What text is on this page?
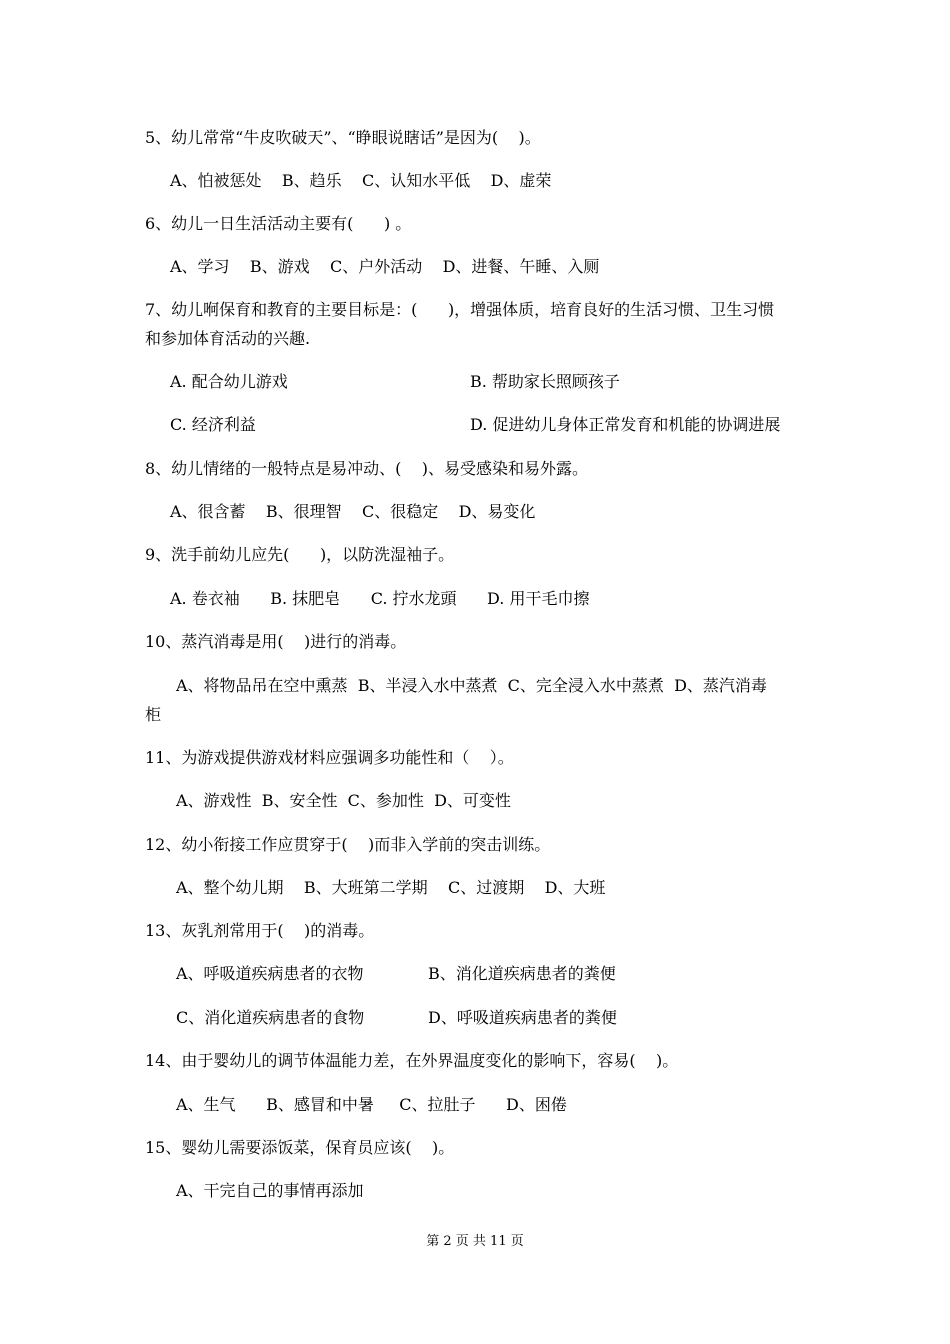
5、幼儿常常“牛皮吹破天”、“睁眼说瞎话”是因为(    )。
A、怕被惩处    B、趋乐    C、认知水平低    D、虚荣
6、幼儿一日生活活动主要有(      ) 。
A、学习    B、游戏    C、户外活动    D、进餐、午睡、入厕
7、幼儿哬保育和教育的主要目标是：(      )，增强体质，培育良好的生活习惯、卫生习惯
和参加体育活动的兴趣.
A. 配合幼儿游戏	B. 帮助家长照顾孩子
C. 经济利益	D. 促进幼儿身体正常发育和机能的协调进展
8、幼儿情绪的一般特点是易冲动、(    )、易受感染和易外露。
A、很含蓄    B、很理智    C、很稳定    D、易变化
9、洗手前幼儿应先(      )，以防洗湿袖子。
A. 卷衣袖      B. 抹肥皂      C. 拧水龙頭      D. 用干毛巾擦
10、蒸汽消毒是用(    )进行的消毒。
A、将物品吊在空中熏蒸  B、半浸入水中蒸煮  C、完全浸入水中蒸煮  D、蒸汽消毒
柜
11、为游戏提供游戏材料应强调多功能性和（    ）。
A、游戏性  B、安全性  C、参加性  D、可变性
12、幼小衔接工作应贯穿于(    )而非入学前的突击训练。
A、整个幼儿期    B、大班第二学期    C、过渡期    D、大班
13、灰乳剂常用于(    )的消毒。
A、呼吸道疾病患者的衣物	B、消化道疾病患者的粪便
C、消化道疾病患者的食物	D、呼吸道疾病患者的粪便
14、由于婴幼儿的调节体温能力差，在外界温度变化的影响下，容易(    )。
A、生气      B、感冒和中暑     C、拉肚子      D、困倦
15、婴幼儿需要添饭菜，保育员应该(    )。
A、干完自己的事情再添加
第 2 页 共 11 页
